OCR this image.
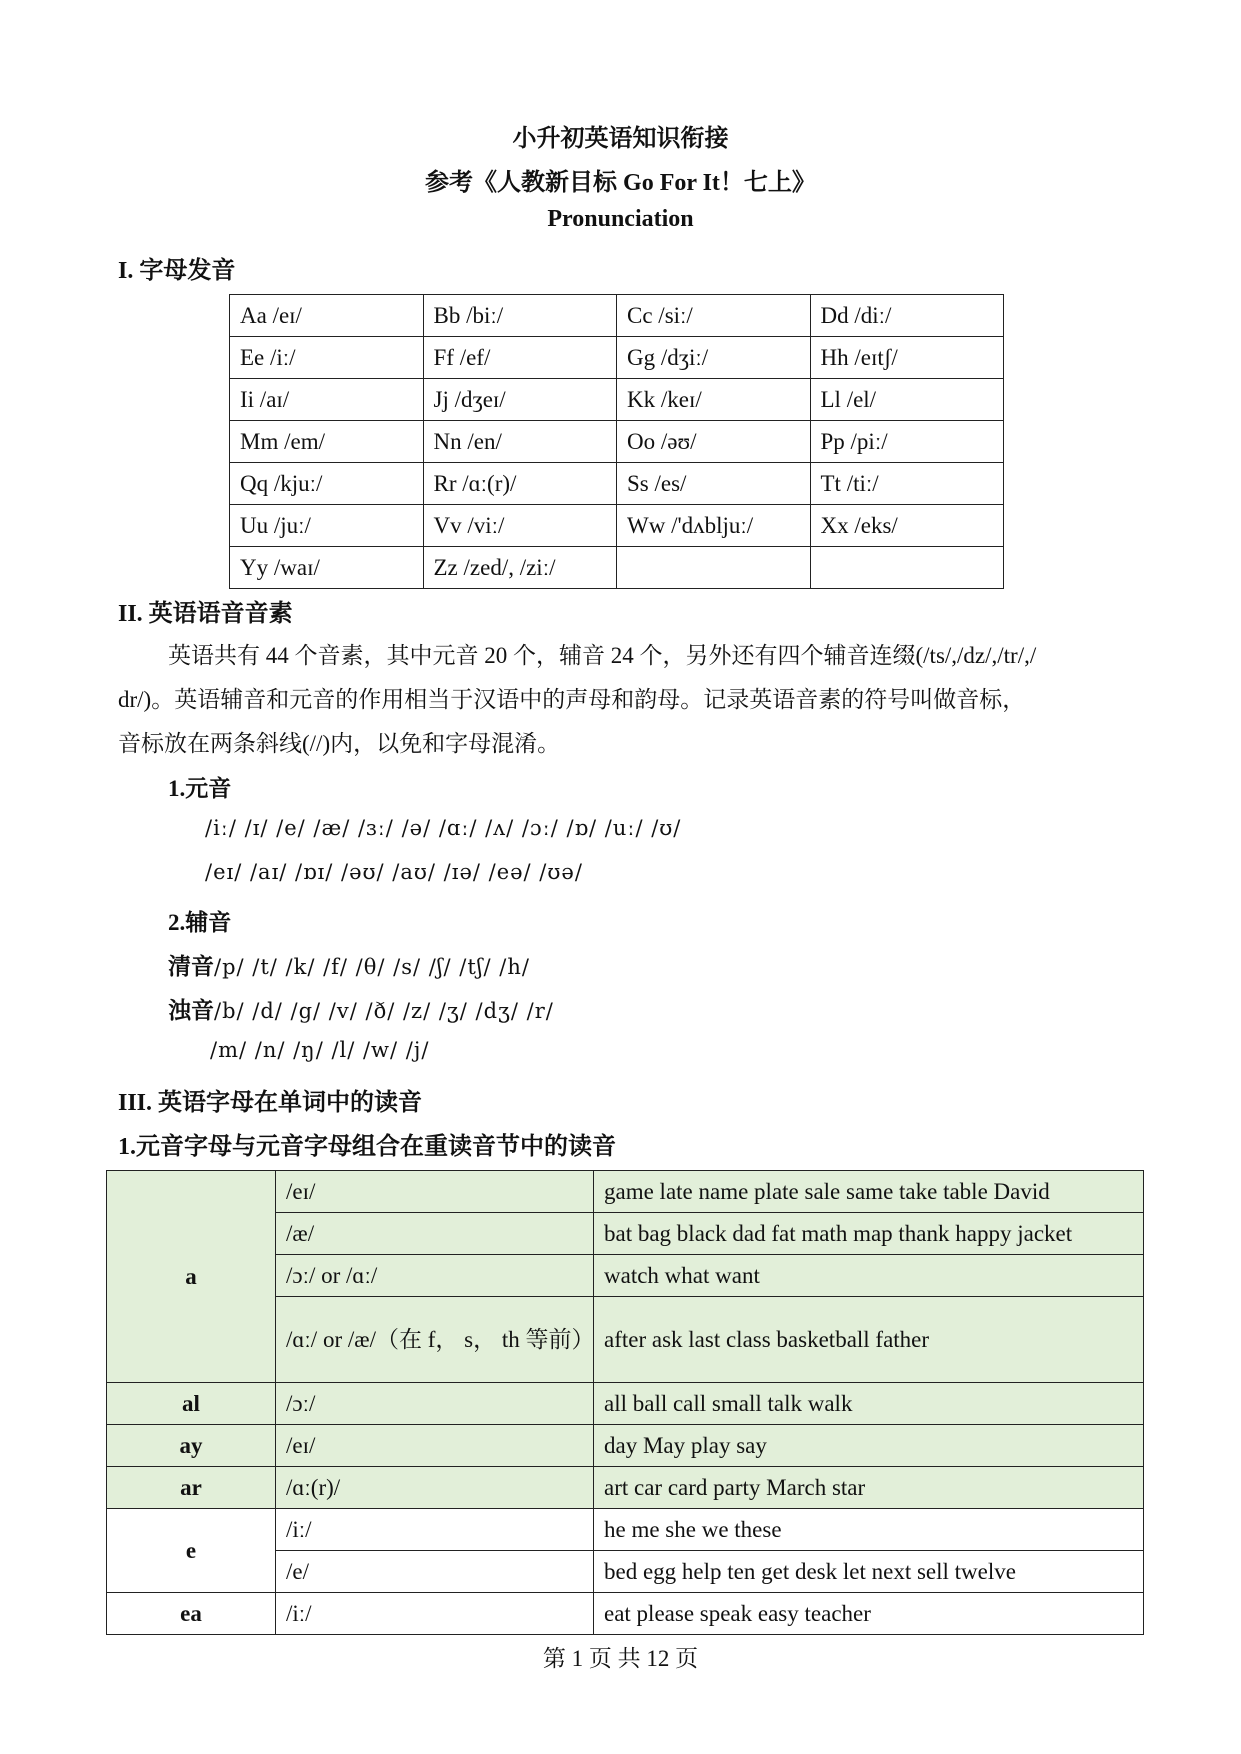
小升初英语知识衔接
参考《人教新目标 Go For It！七上》
Pronunciation
I. 字母发音
Aa /eɪ/	Bb /biː/	Cc /siː/	Dd /diː/
Ee /iː/	Ff /ef/	Gg /dʒiː/	Hh /eɪtʃ/
Ii /aɪ/	Jj /dʒeɪ/	Kk /keɪ/	Ll /el/
Mm /em/	Nn /en/	Oo /əʊ/	Pp /piː/
Qq /kjuː/	Rr /ɑː(r)/	Ss /es/	Tt /tiː/
Uu /juː/	Vv /viː/	Ww /'dʌbljuː/	Xx /eks/
Yy /waɪ/	Zz /zed/, /ziː/		
II. 英语语音音素
英语共有 44 个音素，其中元音 20 个，辅音 24 个，另外还有四个辅音连缀(/ts/,/dz/,/tr/,/
dr/)。英语辅音和元音的作用相当于汉语中的声母和韵母。记录英语音素的符号叫做音标，
音标放在两条斜线(//)内，以免和字母混淆。
1.元音
/iː/ /ɪ/ /e/ /æ/ /ɜː/ /ə/ /ɑː/ /ʌ/ /ɔː/ /ɒ/ /uː/ /ʊ/
/eɪ/ /aɪ/ /ɒɪ/ /əʊ/ /aʊ/ /ɪə/ /eə/ /ʊə/
2.辅音
清音/p/ /t/ /k/ /f/ /θ/ /s/ /ʃ/ /tʃ/ /h/
浊音/b/ /d/ /g/ /v/ /ð/ /z/ /ʒ/ /dʒ/ /r/
/m/ /n/ /ŋ/ /l/ /w/ /j/
III. 英语字母在单词中的读音
1.元音字母与元音字母组合在重读音节中的读音
a	/eɪ/	game late name plate sale same take table David
	/æ/	bat bag black dad fat math map thank happy jacket
	/ɔː/ or /ɑː/	watch what want
	/ɑː/ or /æ/（在 f， s， th 等前）	after ask last class basketball father
al	/ɔː/	all ball call small talk walk
ay	/eɪ/	day May play say
ar	/ɑː(r)/	art car card party March star
e	/iː/	he me she we these
	/e/	bed egg help ten get desk let next sell twelve
ea	/iː/	eat please speak easy teacher
第 1 页 共 12 页
